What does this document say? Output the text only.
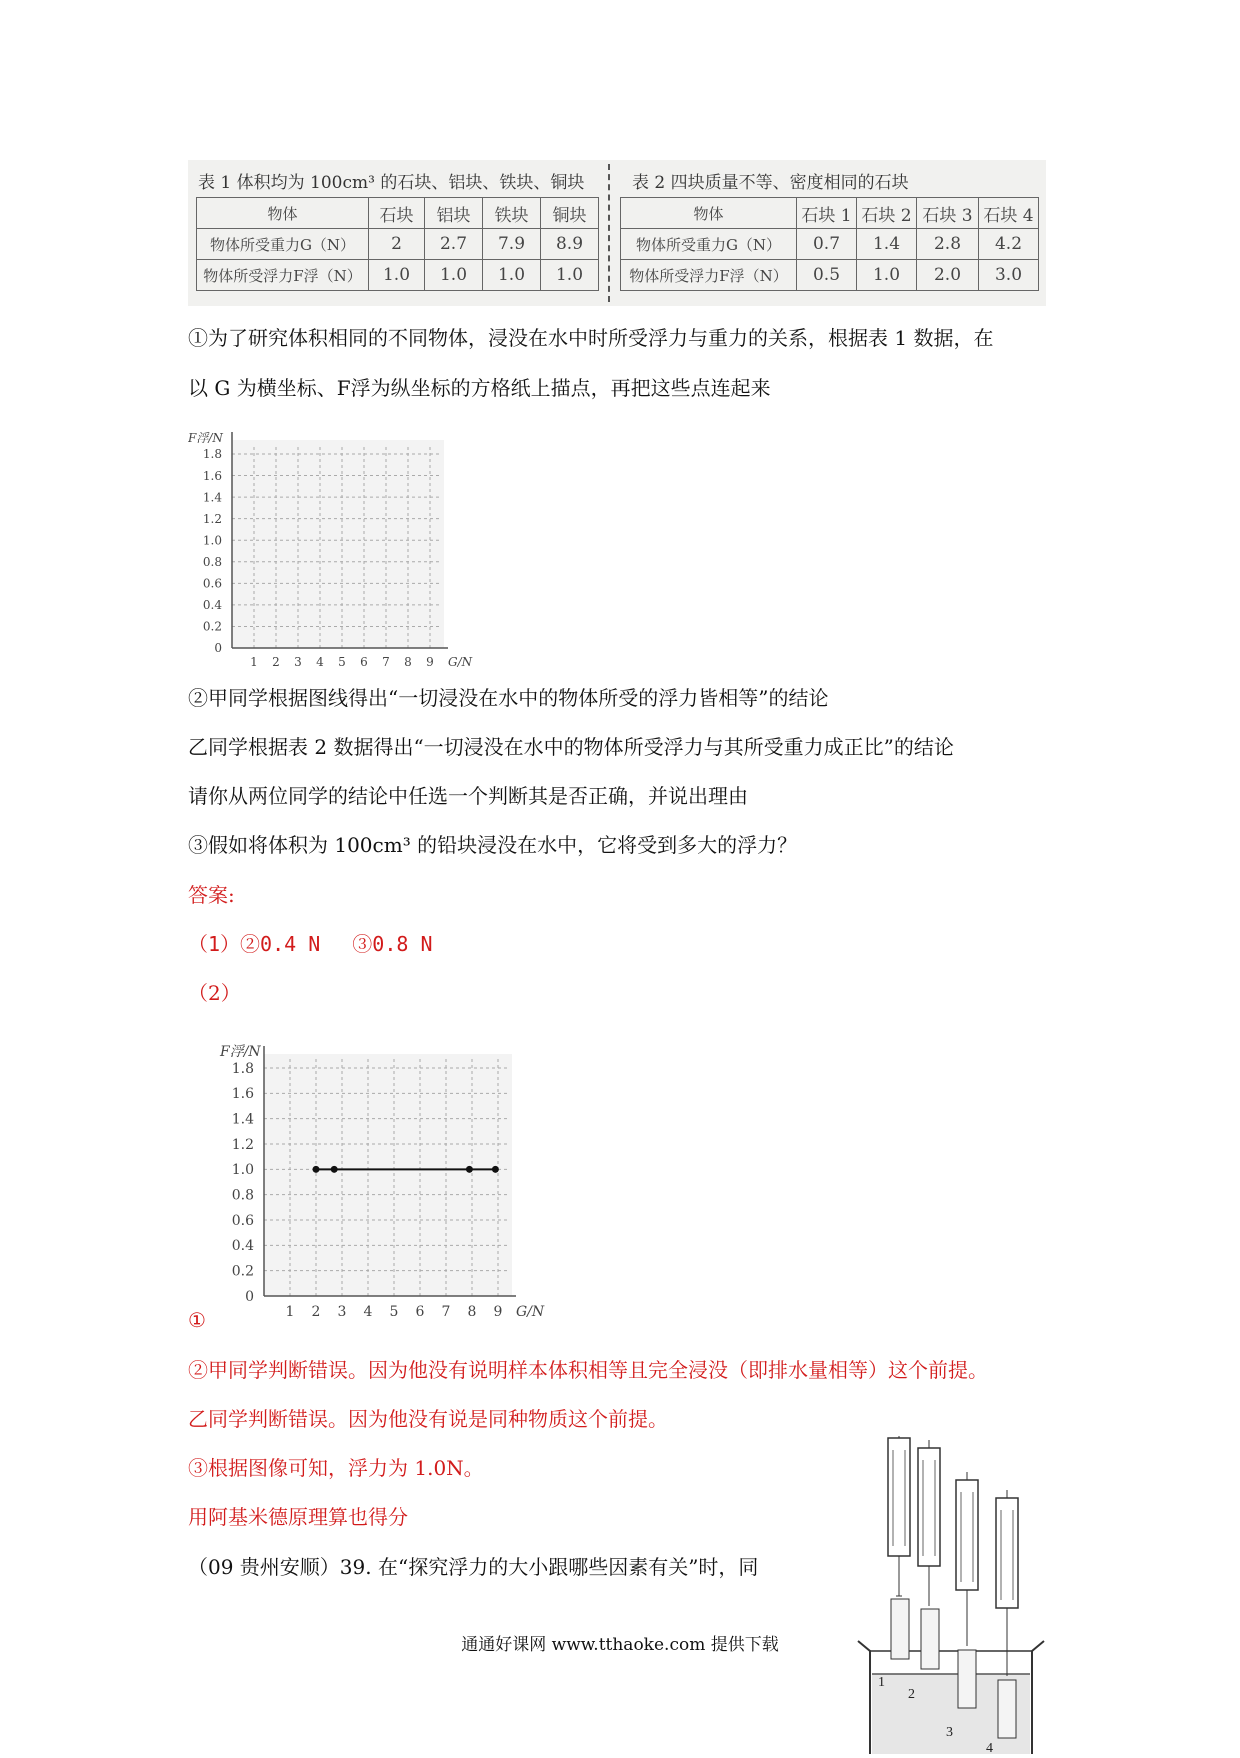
表 1 体积均为 100cm³ 的石块、铝块、铁块、铜块
物体	石块	铝块	铁块	铜块
物体所受重力G（N）	2	2.7	7.9	8.9
物体所受浮力F浮（N）	1.0	1.0	1.0	1.0
表 2 四块质量不等、密度相同的石块
物体	石块 1	石块 2	石块 3	石块 4
物体所受重力G（N）	0.7	1.4	2.8	4.2
物体所受浮力F浮（N）	0.5	1.0	2.0	3.0
①为了研究体积相同的不同物体，浸没在水中时所受浮力与重力的关系，根据表 1 数据，在
以 G 为横坐标、F浮为纵坐标的方格纸上描点，再把这些点连起来
1 2 3 4 5 6 7 8 9
0
0.2
0.4
0.6
0.8
1.0
1.2
1.4
1.6
1.8
G/N
F浮/N
②甲同学根据图线得出“一切浸没在水中的物体所受的浮力皆相等”的结论
乙同学根据表 2 数据得出“一切浸没在水中的物体所受浮力与其所受重力成正比”的结论
请你从两位同学的结论中任选一个判断其是否正确，并说出理由
③假如将体积为 100cm³ 的铅块浸没在水中，它将受到多大的浮力？
答案:
（1）②0.4 N　 ③0.8 N
（2）
1 2 3 4 5 6 7 8 9
0
0.2
0.4
0.6
0.8
1.0
1.2
1.4
1.6
1.8
G/N
F浮/N
①
②甲同学判断错误。因为他没有说明样本体积相等且完全浸没（即排水量相等）这个前提。
乙同学判断错误。因为他没有说是同种物质这个前提。
③根据图像可知，浮力为 1.0N。
用阿基米德原理算也得分
（09 贵州安顺）39. 在“探究浮力的大小跟哪些因素有关”时，同
通通好课网 www.tthaoke.com 提供下载
1
2
3
4
